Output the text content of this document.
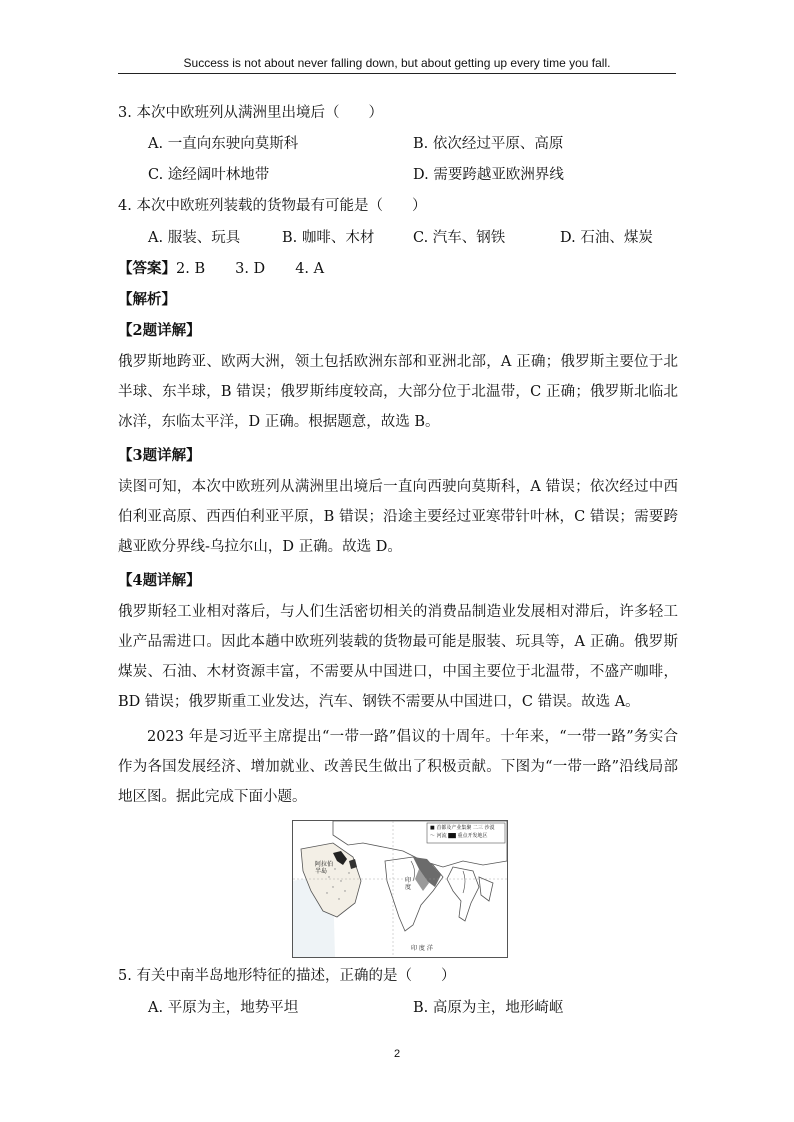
Success is not about never falling down, but about getting up every time you fall.
3. 本次中欧班列从满洲里出境后（　　）
A. 一直向东驶向莫斯科	B. 依次经过平原、高原
C. 途经阔叶林地带	D. 需要跨越亚欧洲界线
4. 本次中欧班列装载的货物最有可能是（　　）
A. 服装、玩具	B. 咖啡、木材	C. 汽车、钢铁	D. 石油、煤炭
【答案】2. B 3. D 4. A
【解析】
【2题详解】
俄罗斯地跨亚、欧两大洲，领土包括欧洲东部和亚洲北部，A 正确；俄罗斯主要位于北半球、东半球，B 错误；俄罗斯纬度较高，大部分位于北温带，C 正确；俄罗斯北临北冰洋，东临太平洋，D 正确。根据题意，故选 B。
【3题详解】
读图可知，本次中欧班列从满洲里出境后一直向西驶向莫斯科，A 错误；依次经过中西伯利亚高原、西西伯利亚平原，B 错误；沿途主要经过亚寒带针叶林，C 错误；需要跨越亚欧分界线-乌拉尔山，D 正确。故选 D。
【4题详解】
俄罗斯轻工业相对落后，与人们生活密切相关的消费品制造业发展相对滞后，许多轻工业产品需进口。因此本趟中欧班列装载的货物最可能是服装、玩具等，A 正确。俄罗斯煤炭、石油、木材资源丰富，不需要从中国进口，中国主要位于北温带，不盛产咖啡，BD 错误；俄罗斯重工业发达，汽车、钢铁不需要从中国进口，C 错误。故选 A。
2023 年是习近平主席提出“一带一路”倡议的十周年。十年来，“一带一路”务实合作为各国发展经济、增加就业、改善民生做出了积极贡献。下图为“一带一路”沿线局部地区图。据此完成下面小题。
■ 首都及产业集聚 二三 沙漠
〜 河流 ▇▇ 重点开发地区
阿拉伯
半岛
印
度
印 度 洋
5. 有关中南半岛地形特征的描述，正确的是（　　）
A. 平原为主，地势平坦	B. 高原为主，地形崎岖
2
